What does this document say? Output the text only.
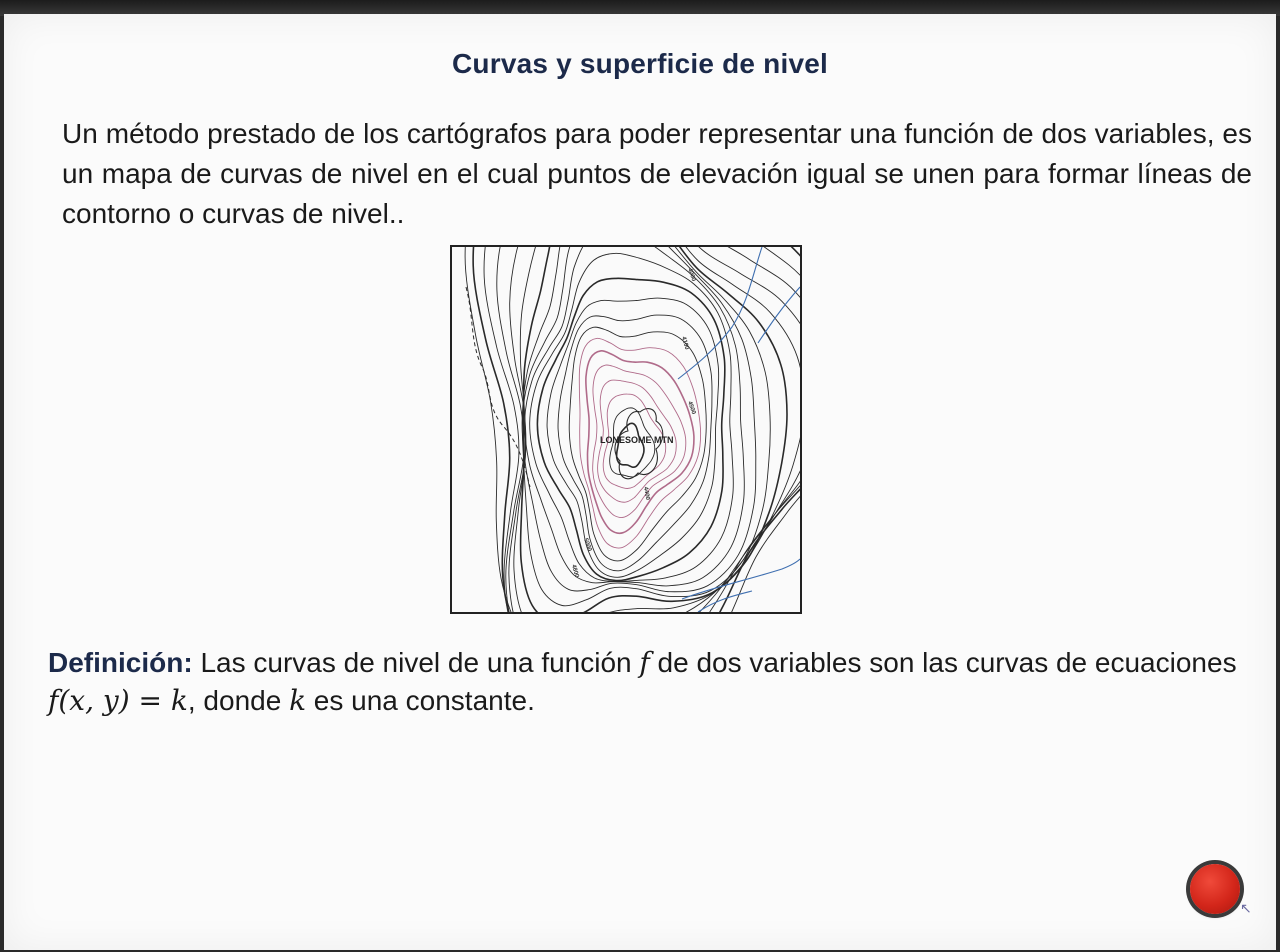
Curvas y superficie de nivel
Un método prestado de los cartógrafos para poder representar una función de dos variables, es un mapa de curvas de nivel en el cual puntos de elevación igual se unen para formar líneas de contorno o curvas de nivel..
LONESOME MTN
4000
4100
4500
4400
5000
4800
Definición: Las curvas de nivel de una función f de dos variables son las curvas de ecuaciones f(x, y) = k, donde k es una constante.
↖
